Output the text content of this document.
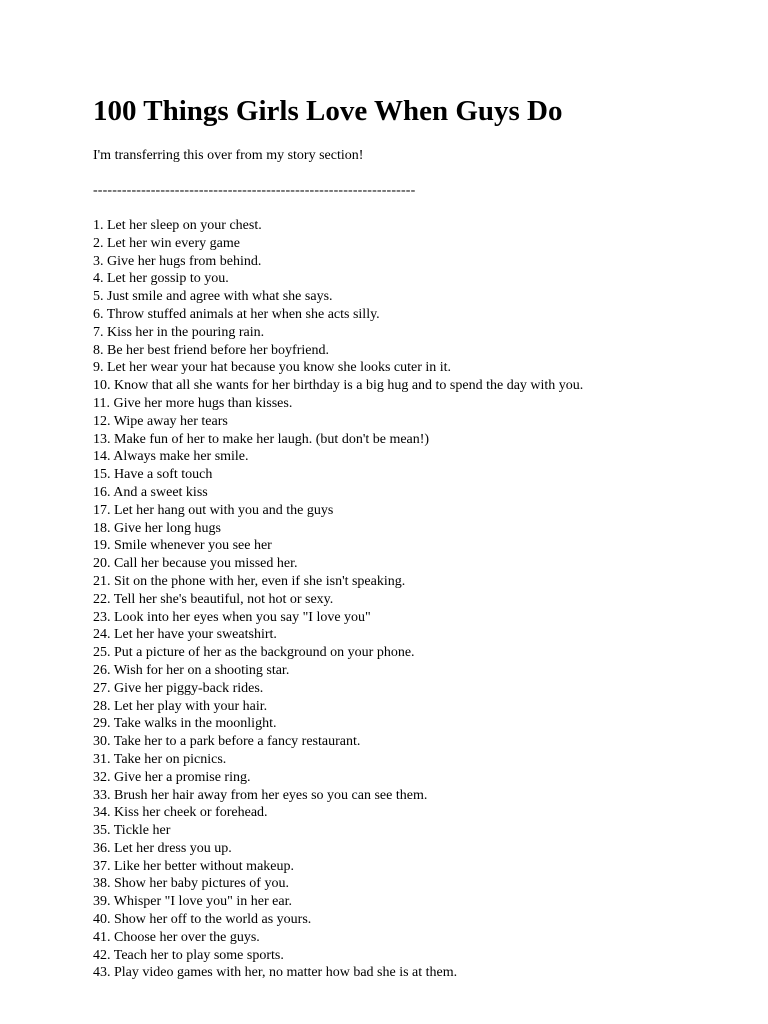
100 Things Girls Love When Guys Do
I'm transferring this over from my story section!
-------------------------------------------------------------------
1. Let her sleep on your chest.
2. Let her win every game
3. Give her hugs from behind.
4. Let her gossip to you.
5. Just smile and agree with what she says.
6. Throw stuffed animals at her when she acts silly.
7. Kiss her in the pouring rain.
8. Be her best friend before her boyfriend.
9. Let her wear your hat because you know she looks cuter in it.
10. Know that all she wants for her birthday is a big hug and to spend the day with you.
11. Give her more hugs than kisses.
12. Wipe away her tears
13. Make fun of her to make her laugh. (but don't be mean!)
14. Always make her smile.
15. Have a soft touch
16. And a sweet kiss
17. Let her hang out with you and the guys
18. Give her long hugs
19. Smile whenever you see her
20. Call her because you missed her.
21. Sit on the phone with her, even if she isn't speaking.
22. Tell her she's beautiful, not hot or sexy.
23. Look into her eyes when you say "I love you"
24. Let her have your sweatshirt.
25. Put a picture of her as the background on your phone.
26. Wish for her on a shooting star.
27. Give her piggy-back rides.
28. Let her play with your hair.
29. Take walks in the moonlight.
30. Take her to a park before a fancy restaurant.
31. Take her on picnics.
32. Give her a promise ring.
33. Brush her hair away from her eyes so you can see them.
34. Kiss her cheek or forehead.
35. Tickle her
36. Let her dress you up.
37. Like her better without makeup.
38. Show her baby pictures of you.
39. Whisper "I love you" in her ear.
40. Show her off to the world as yours.
41. Choose her over the guys.
42. Teach her to play some sports.
43. Play video games with her, no matter how bad she is at them.
